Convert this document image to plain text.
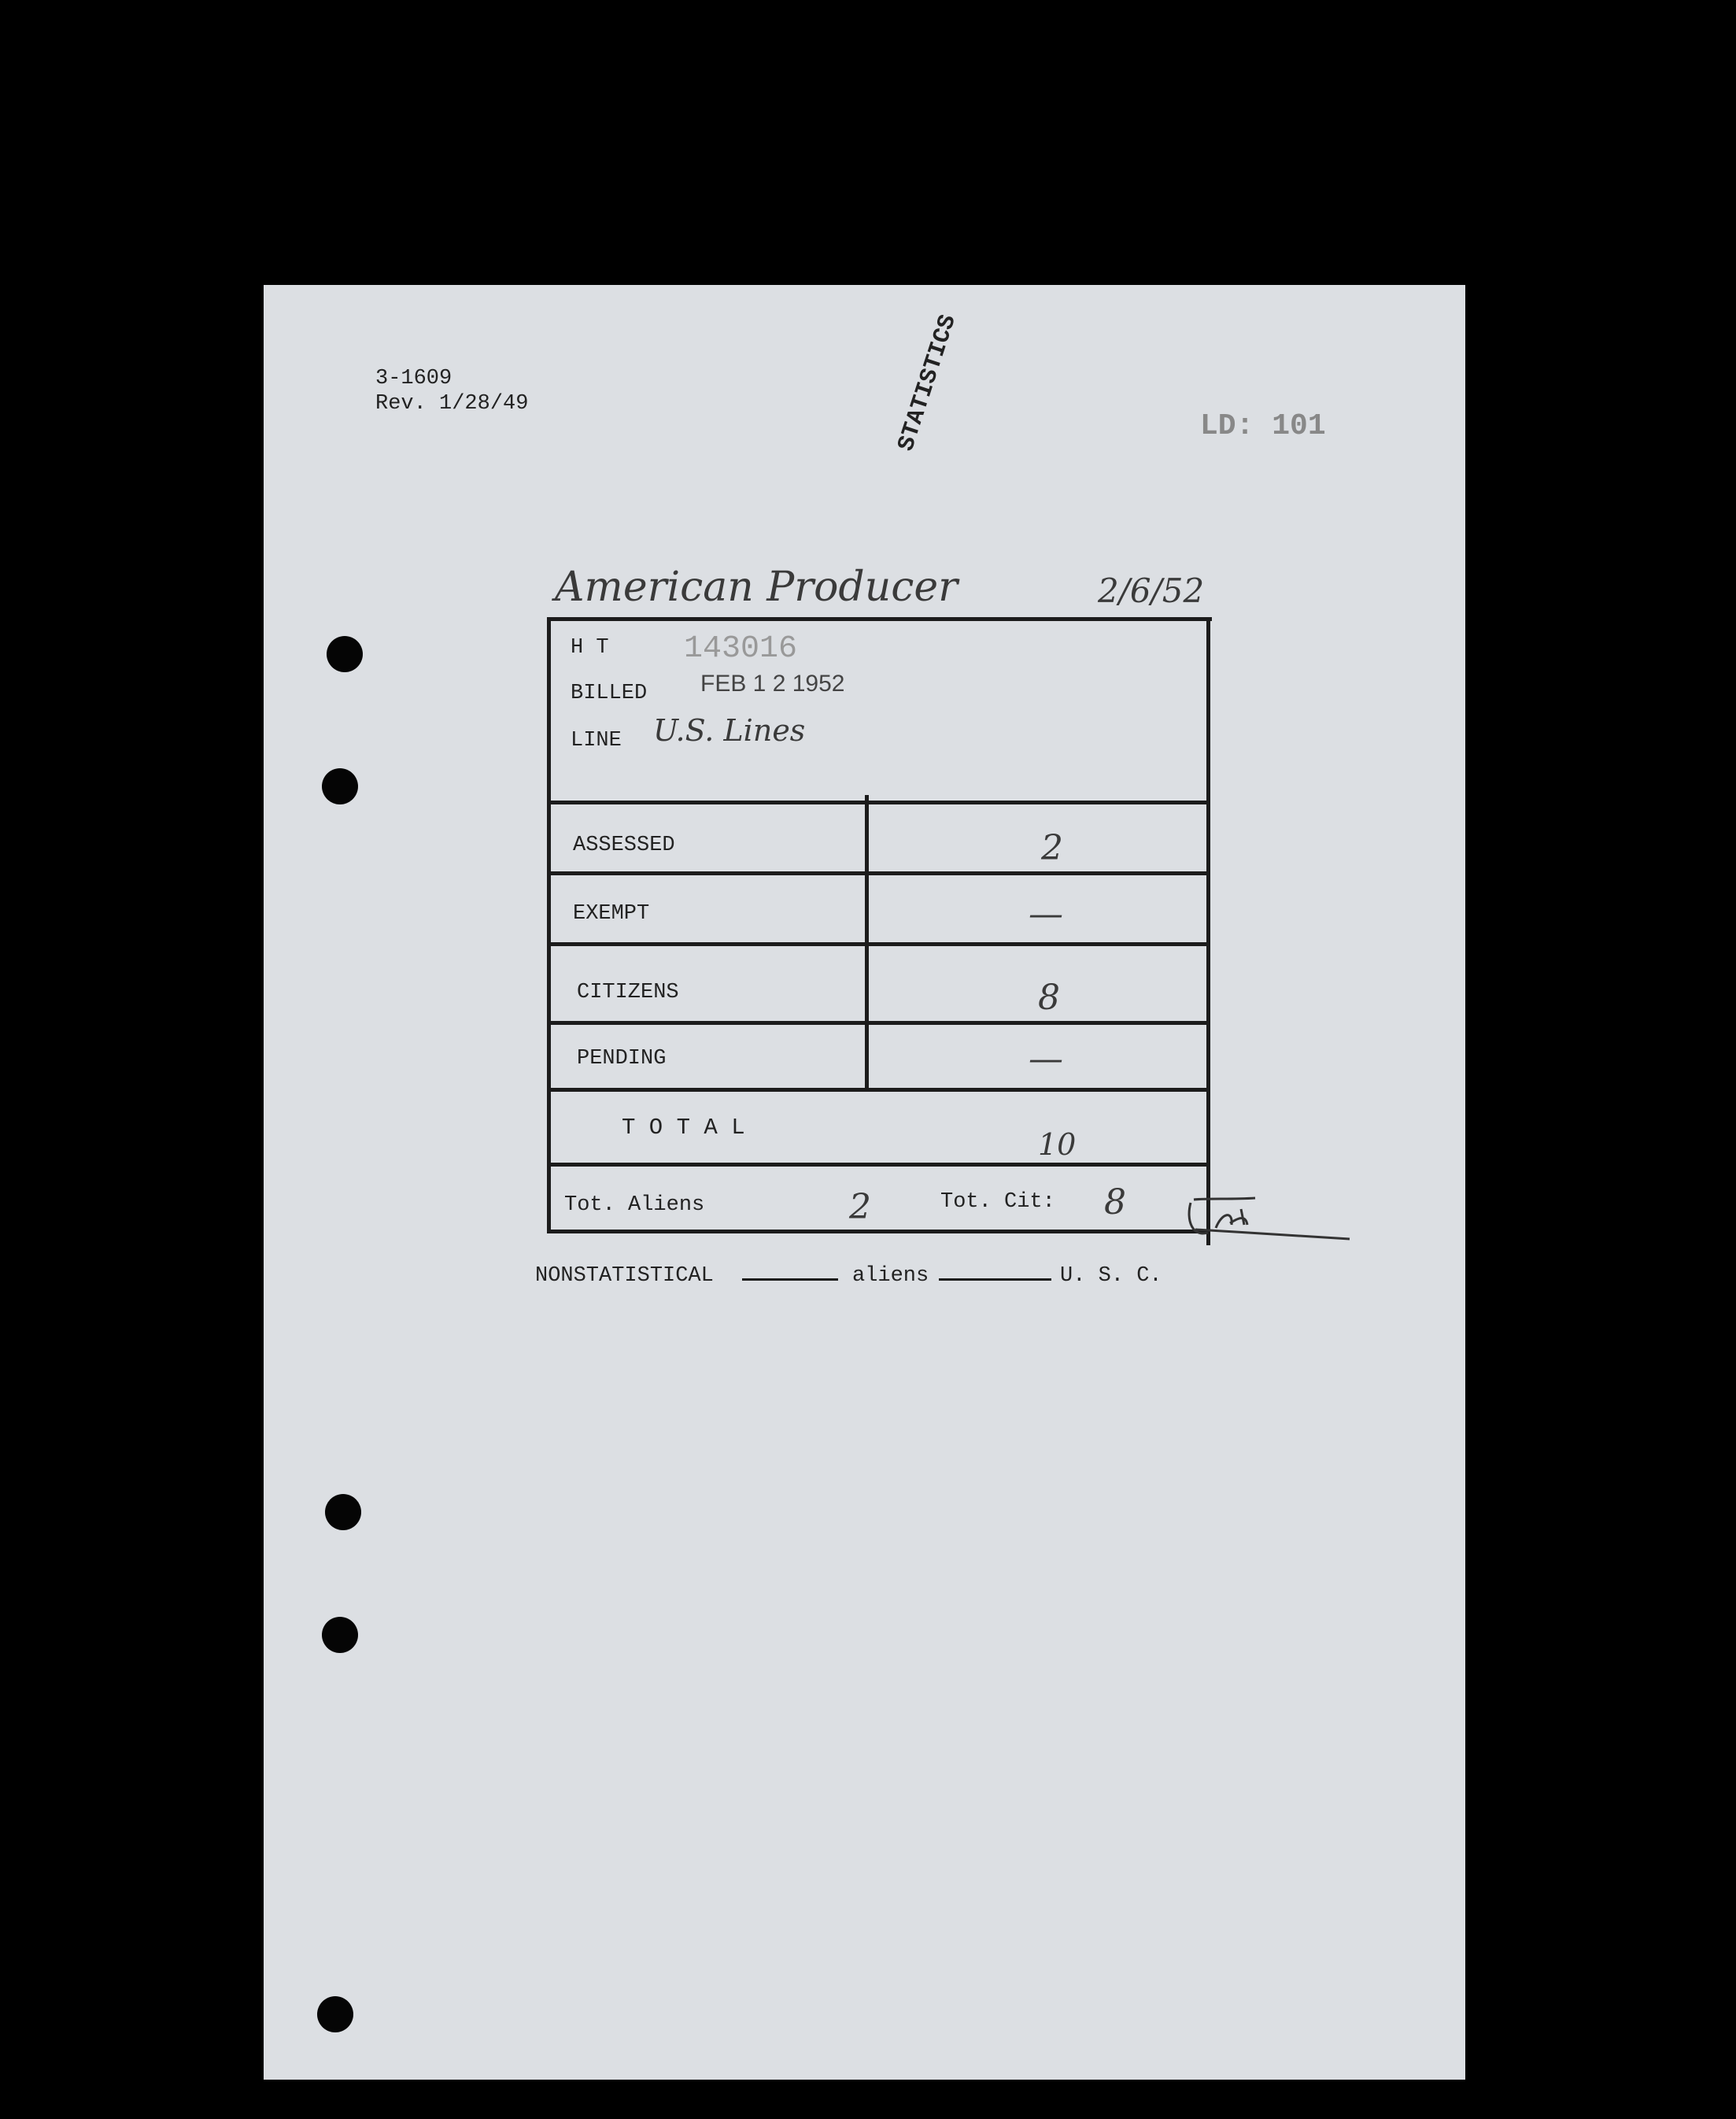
3-1609
Rev. 1/28/49
LD: 101
STATISTICS
American Producer	2/6/52
H T 143016
BILLED FEB 1 2 1952
LINE U.S. Lines
ASSESSED	2
EXEMPT	—
CITIZENS	8
PENDING	—
T O T A L	10
Tot. Aliens	2	Tot. Cit: 8
NONSTATISTICAL	aliens	U. S. C.
